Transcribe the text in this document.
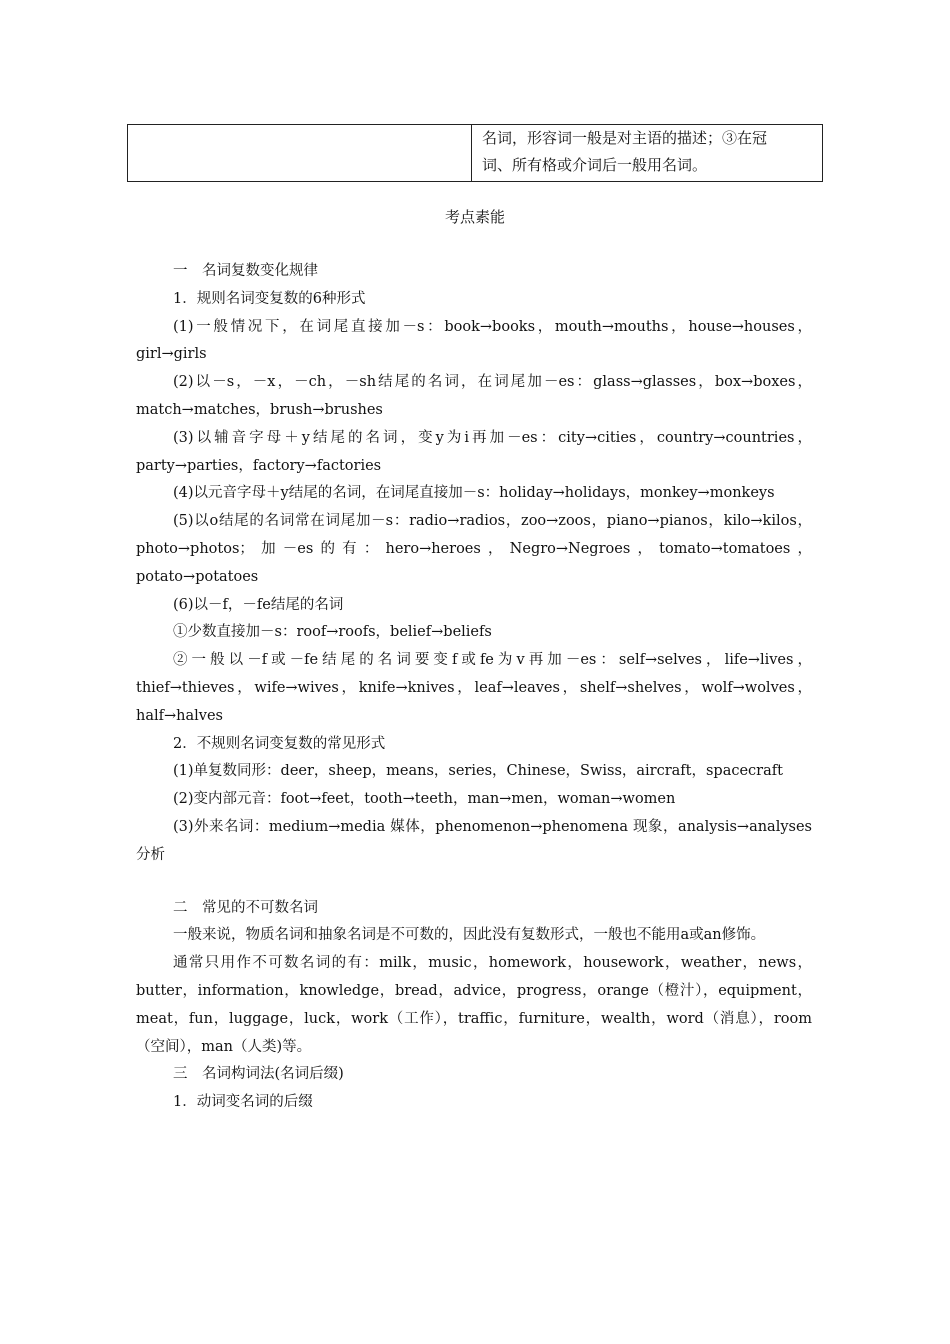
名词，形容词一般是对主语的描述；③在冠
词、所有格或介词后一般用名词。
考点素能

一　名词复数变化规律

1．规则名词变复数的6种形式

(1)一般情况下，在词尾直接加－s：book→books，mouth→mouths，house→houses，girl→girls

(2)以－s，－x，－ch，－sh结尾的名词，在词尾加－es：glass→glasses，box→boxes，match→matches，brush→brushes

(3)以辅音字母＋y结尾的名词，变y为i再加－es：city→cities，country→countries，party→parties，factory→factories

(4)以元音字母＋y结尾的名词，在词尾直接加－s：holiday→holidays，monkey→monkeys

(5)以o结尾的名词常在词尾加－s：radio→radios，zoo→zoos，piano→pianos，kilo→kilos，photo→photos；加－es的有：hero→heroes，Negro→Negroes，tomato→tomatoes，potato→potatoes

(6)以－f，－fe结尾的名词

①少数直接加－s：roof→roofs，belief→beliefs

②一般以－f或－fe结尾的名词要变f或fe为v再加－es：self→selves，life→lives，thief→thieves，wife→wives，knife→knives，leaf→leaves，shelf→shelves，wolf→wolves，half→halves

2．不规则名词变复数的常见形式

(1)单复数同形：deer，sheep，means，series，Chinese，Swiss，aircraft，spacecraft

(2)变内部元音：foot→feet，tooth→teeth，man→men，woman→women

(3)外来名词：medium→media 媒体，phenomenon→phenomena 现象，analysis→analyses 分析

二　常见的不可数名词

一般来说，物质名词和抽象名词是不可数的，因此没有复数形式，一般也不能用a或an修饰。

通常只用作不可数名词的有：milk，music，homework，housework，weather，news，butter，information，knowledge，bread，advice，progress，orange（橙汁），equipment，meat，fun，luggage，luck，work（工作），traffic，furniture，wealth，word（消息），room（空间），man（人类)等。

三　名词构词法(名词后缀)

1．动词变名词的后缀
